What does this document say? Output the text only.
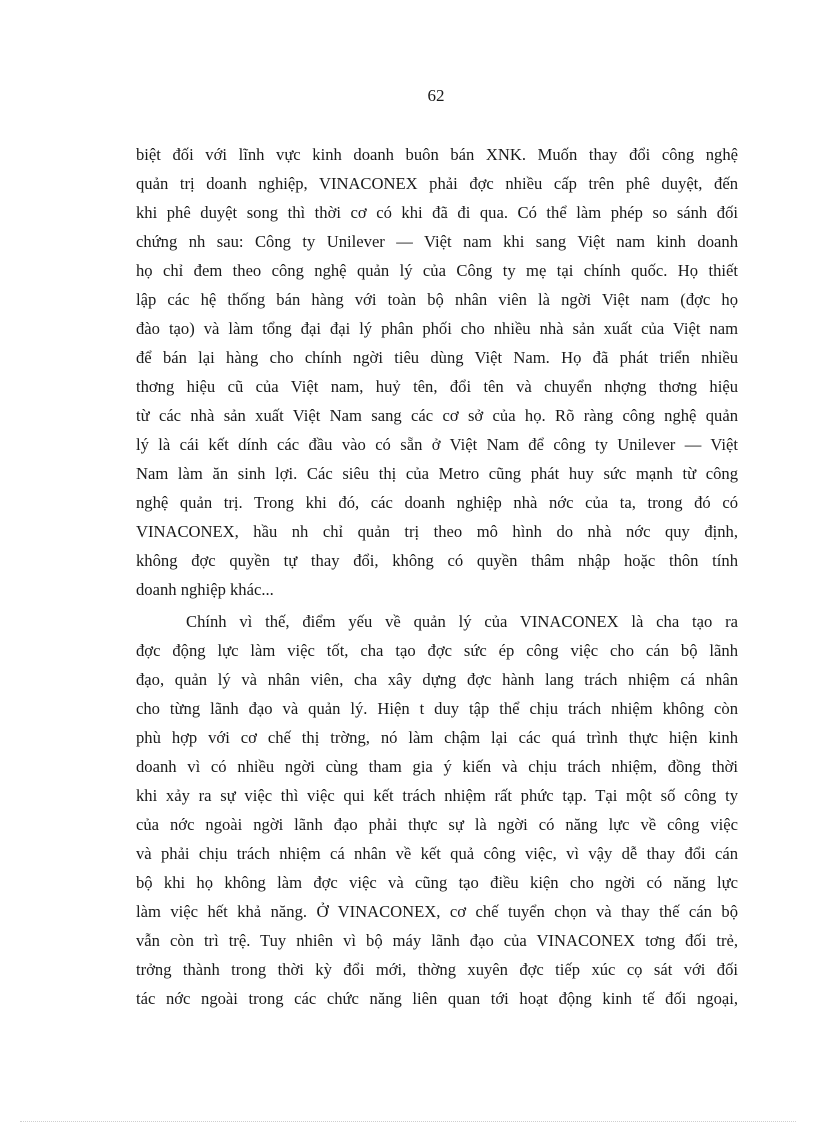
62
biệt đối với lĩnh vực kinh doanh buôn bán XNK. Muốn thay đổi công nghệ
quản trị doanh nghiệp, VINACONEX phải đợc nhiều cấp trên phê duyệt, đến
khi phê duyệt song thì thời cơ có khi đã đi qua. Có thể làm phép so sánh đối
chứng nh sau: Công ty Unilever — Việt nam khi sang Việt nam kinh doanh
họ chỉ đem theo công nghệ quản lý của Công ty mẹ tại chính quốc. Họ thiết
lập các hệ thống bán hàng với toàn bộ nhân viên là ngời Việt nam (đợc họ
đào tạo) và làm tổng đại đại lý phân phối cho nhiều nhà sản xuất của Việt nam
để bán lại hàng cho chính ngời tiêu dùng Việt Nam. Họ đã phát triển nhiều
thơng hiệu cũ của Việt nam, huỷ tên, đổi tên và chuyển nhợng thơng hiệu
từ các nhà sản xuất Việt Nam sang các cơ sở của họ. Rõ ràng công nghệ quản
lý là cái kết dính các đầu vào có sẵn ở Việt Nam để công ty Unilever — Việt
Nam làm ăn sinh lợi. Các siêu thị của Metro cũng phát huy sức mạnh từ công
nghệ quản trị. Trong khi đó, các doanh nghiệp nhà nớc của ta, trong đó có
VINACONEX, hầu nh chỉ quản trị theo mô hình do nhà nớc quy định,
không đợc quyền tự thay đổi, không có quyền thâm nhập hoặc thôn tính
doanh nghiệp khác...
Chính vì thế, điểm yếu về quản lý của VINACONEX là cha tạo ra
đợc động lực làm việc tốt, cha tạo đợc sức ép công việc cho cán bộ lãnh
đạo, quản lý và nhân viên, cha xây dựng đợc hành lang trách nhiệm cá nhân
cho từng lãnh đạo và quản lý. Hiện t duy tập thể chịu trách nhiệm không còn
phù hợp với cơ chế thị trờng, nó làm chậm lại các quá trình thực hiện kinh
doanh vì có nhiều ngời cùng tham gia ý kiến và chịu trách nhiệm, đồng thời
khi xảy ra sự việc thì việc qui kết trách nhiệm rất phức tạp. Tại một số công ty
của nớc ngoài ngời lãnh đạo phải thực sự là ngời có năng lực về công việc
và phải chịu trách nhiệm cá nhân về kết quả công việc, vì vậy dễ thay đổi cán
bộ khi họ không làm đợc việc và cũng tạo điều kiện cho ngời có năng lực
làm việc hết khả năng. Ở VINACONEX, cơ chế tuyển chọn và thay thế cán bộ
vẫn còn trì trệ. Tuy nhiên vì bộ máy lãnh đạo của VINACONEX tơng đối trẻ,
trởng thành trong thời kỳ đổi mới, thờng xuyên đợc tiếp xúc cọ sát với đối
tác nớc ngoài trong các chức năng liên quan tới hoạt động kinh tế đối ngoại,
